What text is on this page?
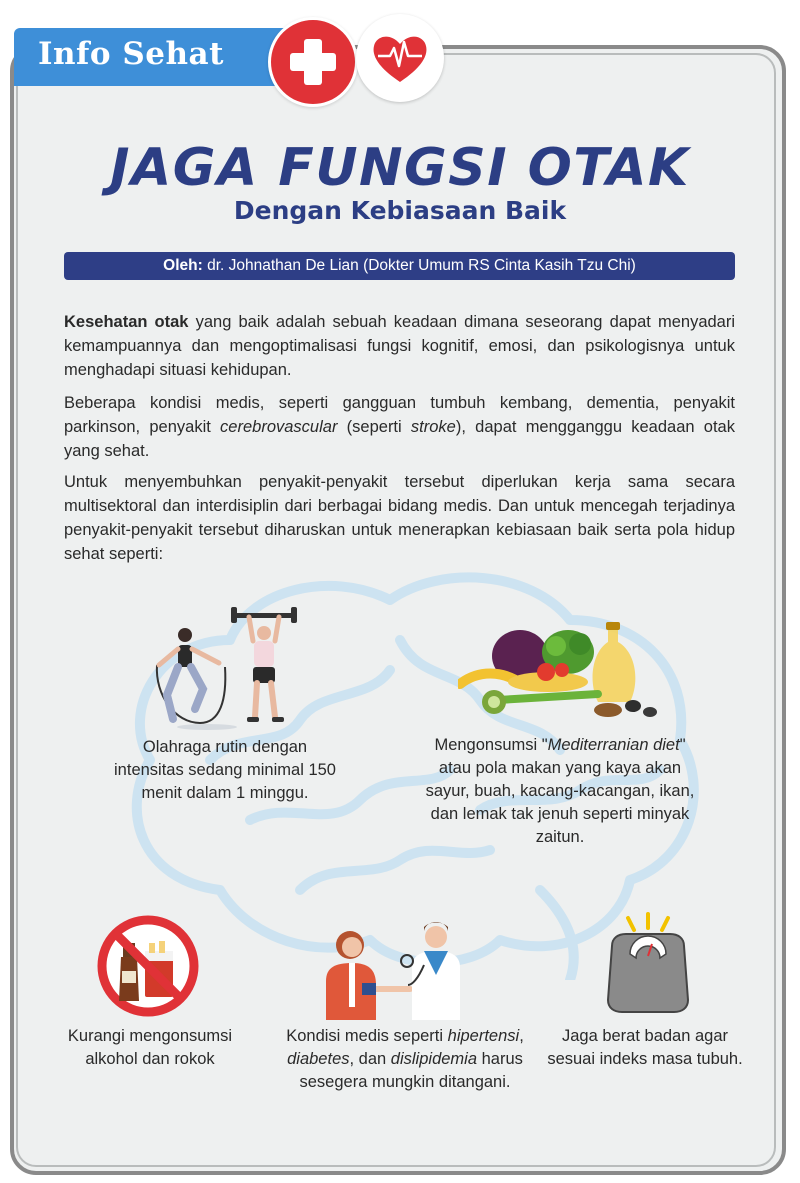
Info Sehat
JAGA FUNGSI OTAK
Dengan Kebiasaan Baik
Oleh: dr. Johnathan De Lian (Dokter Umum RS Cinta Kasih Tzu Chi)
Kesehatan otak yang baik adalah sebuah keadaan dimana seseorang dapat menyadari kemampuannya dan mengoptimalisasi fungsi kognitif, emosi, dan psikologisnya untuk menghadapi situasi kehidupan.
Beberapa kondisi medis, seperti gangguan tumbuh kembang, dementia, penyakit parkinson, penyakit cerebrovascular (seperti stroke), dapat mengganggu keadaan otak yang sehat.
Untuk menyembuhkan penyakit-penyakit tersebut diperlukan kerja sama secara multisektoral dan interdisiplin dari berbagai bidang medis. Dan untuk mencegah terjadinya penyakit-penyakit tersebut diharuskan untuk menerapkan kebiasaan baik serta pola hidup sehat seperti:
Olahraga rutin dengan intensitas sedang minimal 150 menit dalam 1 minggu.
Mengonsumsi "Mediterranian diet" atau pola makan yang kaya akan sayur, buah, kacang-kacangan, ikan, dan lemak tak jenuh seperti minyak zaitun.
Kurangi mengonsumsi alkohol dan rokok
Kondisi medis seperti hipertensi, diabetes, dan dislipidemia harus sesegera mungkin ditangani.
Jaga berat badan agar sesuai indeks masa tubuh.
